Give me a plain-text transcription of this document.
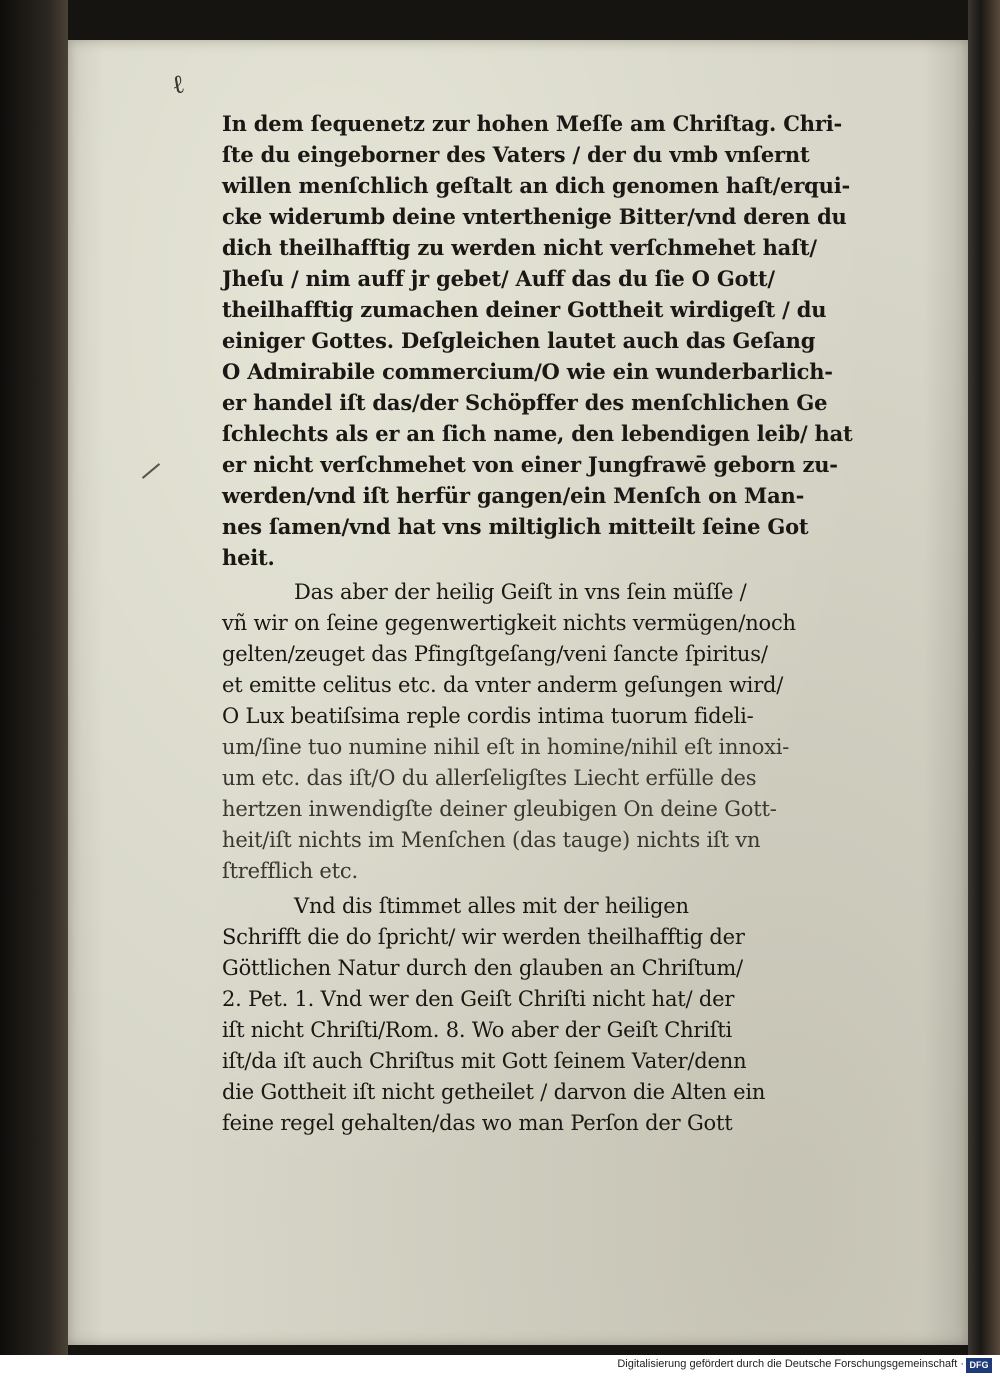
ℓ
In dem ſequenetz zur hohen Meſſe am Chriſtag. Chri-
ſte du eingeborner des Vaters / der du vmb vnſernt
willen menſchlich geſtalt an dich genomen haſt/erqui-
cke widerumb deine vnterthenige Bitter/vnd deren du
dich theilhafftig zu werden nicht verſchmehet haſt/
Jheſu / nim auff jr gebet/ Auff das du ſie O Gott/
theilhafftig zumachen deiner Gottheit wirdigeſt / du
einiger Gottes. Deſgleichen lautet auch das Geſang
O Admirabile commercium/O wie ein wunderbarlich-
er handel iſt das/der Schöpffer des menſchlichen Ge
ſchlechts als er an ſich name, den lebendigen leib/ hat
er nicht verſchmehet von einer Jungfrawē geborn zu-
werden/vnd iſt herfür gangen/ein Menſch on Man-
nes ſamen/vnd hat vns miltiglich mitteilt ſeine Got
heit.
Das aber der heilig Geiſt in vns ſein müſſe /
vñ wir on ſeine gegenwertigkeit nichts vermügen/noch
gelten/zeuget das Pfingſtgeſang/veni ſancte ſpiritus/
et emitte celitus etc. da vnter anderm geſungen wird/
O Lux beatiſsima reple cordis intima tuorum fideli-
um/ſine tuo numine nihil eſt in homine/nihil eſt innoxi-
um etc. das iſt/O du allerſeligſtes Liecht erfülle des
hertzen inwendigſte deiner gleubigen On deine Gott-
heit/iſt nichts im Menſchen (das tauge) nichts iſt vn
ſtrefflich etc.
Vnd dis ſtimmet alles mit der heiligen
Schrifft die do ſpricht/ wir werden theilhafftig der
Göttlichen Natur durch den glauben an Chriſtum/
2. Pet. 1. Vnd wer den Geiſt Chriſti nicht hat/ der
iſt nicht Chriſti/Rom. 8. Wo aber der Geiſt Chriſti
iſt/da iſt auch Chriſtus mit Gott ſeinem Vater/denn
die Gottheit iſt nicht getheilet / darvon die Alten ein
feine regel gehalten/das wo man Perſon der Gott
Digitalisierung gefördert durch die Deutsche Forschungsgemeinschaft · DFG
